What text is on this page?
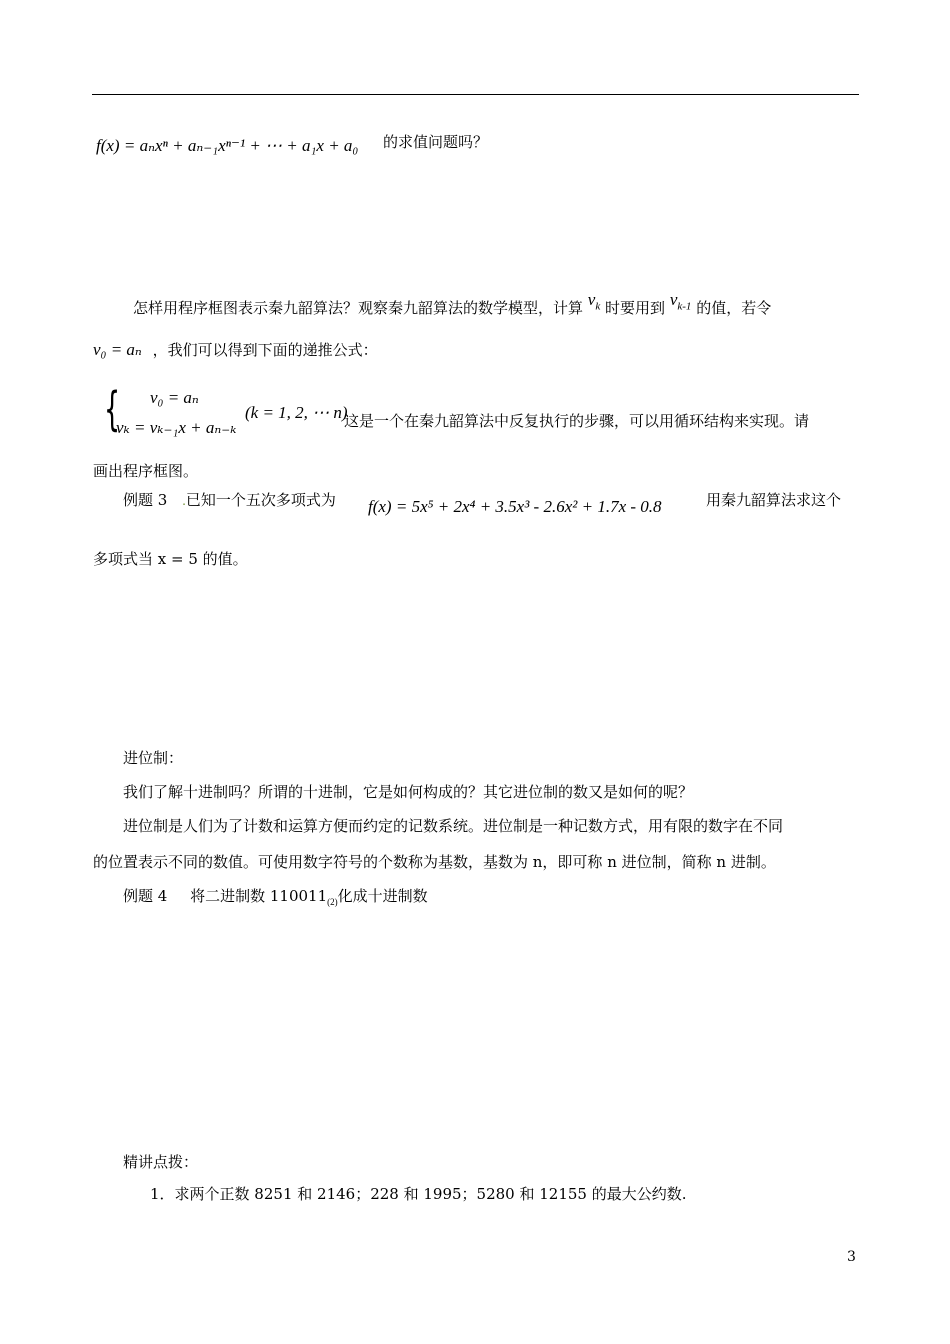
f(x) = aₙxⁿ + aₙ₋₁xⁿ⁻¹ + ⋯ + a₁x + a₀ 的求值问题吗？
怎样用程序框图表示秦九韶算法？观察秦九韶算法的数学模型，计算 $v_k$ 时要用到 $v_{k-1}$ 的值，若令
v₀ = aₙ ，我们可以得到下面的递推公式：
{ v₀ = aₙ
vₖ = vₖ₋₁x + aₙ₋ₖ
(k = 1, 2, ⋯ n)
这是一个在秦九韶算法中反复执行的步骤，可以用循环结构来实现。请
画出程序框图。
例题 3 .已知一个五次多项式为 f(x) = 5x⁵ + 2x⁴ + 3.5x³ - 2.6x² + 1.7x - 0.8	用秦九韶算法求这个
多项式当 x = 5 的值。
进位制：
我们了解十进制吗？所谓的十进制，它是如何构成的？其它进位制的数又是如何的呢？
进位制是人们为了计数和运算方便而约定的记数系统。进位制是一种记数方式，用有限的数字在不同
的位置表示不同的数值。可使用数字符号的个数称为基数，基数为 n，即可称 n 进位制，简称 n 进制。
例题 4 将二进制数 $110011_{(2)}$化成十进制数
精讲点拨：
1．求两个正数 8251 和 2146；228 和 1995；5280 和 12155 的最大公约数.
3
